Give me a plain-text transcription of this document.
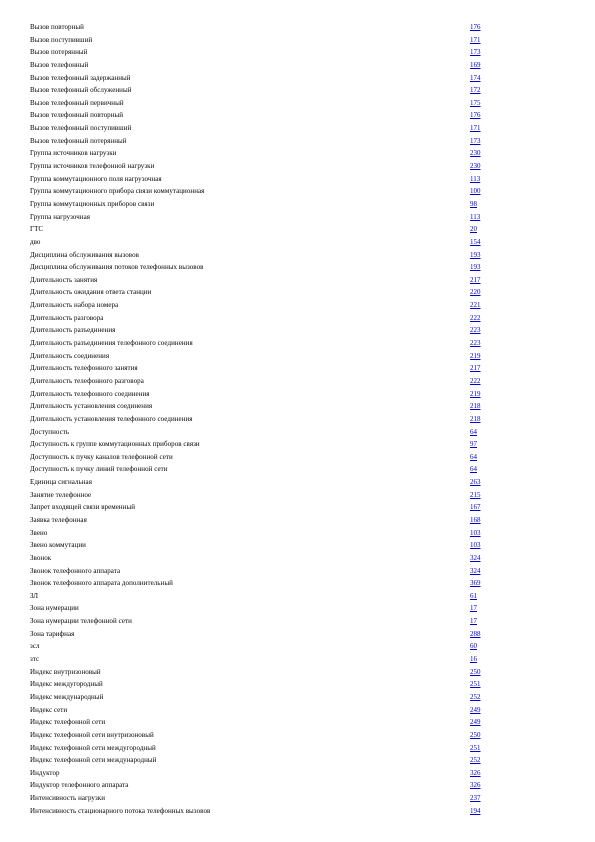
Вызов повторный	176
Вызов поступивший	171
Вызов потерянный	173
Вызов телефонный	169
Вызов телефонный задержанный	174
Вызов телефонный обслуженный	172
Вызов телефонный первичный	175
Вызов телефонный повторный	176
Вызов телефонный поступивший	171
Вызов телефонный потерянный	173
Группа источников нагрузки	230
Группа источников телефонной нагрузки	230
Группа коммутационного поля нагрузочная	113
Группа коммутационного прибора связи коммутационная	100
Группа коммутационных приборов связи	98
Группа нагрузочная	113
ГТС	20
дво	154
Дисциплина обслуживания вызовов	193
Дисциплина обслуживания потоков телефонных вызовов	193
Длительность занятия	217
Длительность ожидания ответа станции	220
Длительность набора номера	221
Длительность разговора	222
Длительность разъединения	223
Длительность разъединения телефонного соединения	223
Длительность соединения	219
Длительность телефонного занятия	217
Длительность телефонного разговора	222
Длительность телефонного соединения	219
Длительность установления соединения	218
Длительность установления телефонного соединения	218
Доступность	64
Доступность к группе коммутационных приборов связи	97
Доступность к пучку каналов телефонной сети	64
Доступность к пучку линий телефонной сети	64
Единица сигнальная	263
Занятие телефонное	215
Запрет входящей связи временный	167
Заявка телефонная	168
Звено	103
Звено коммутации	103
Звонок	324
Звонок телефонного аппарата	324
Звонок телефонного аппарата дополнительный	369
ЗЛ	61
Зона нумерации	17
Зона нумерации телефонной сети	17
Зона тарифная	288
зсл	60
зтс	16
Индекс внутризоновый	250
Индекс междугородный	251
Индекс международный	252
Индекс сети	249
Индекс телефонной сети	249
Индекс телефонной сети внутризоновый	250
Индекс телефонной сети междугородный	251
Индекс телефонной сети международный	252
Индуктор	326
Индуктор телефонного аппарата	326
Интенсивность нагрузки	237
Интенсивность стационарного потока телефонных вызовов	194
